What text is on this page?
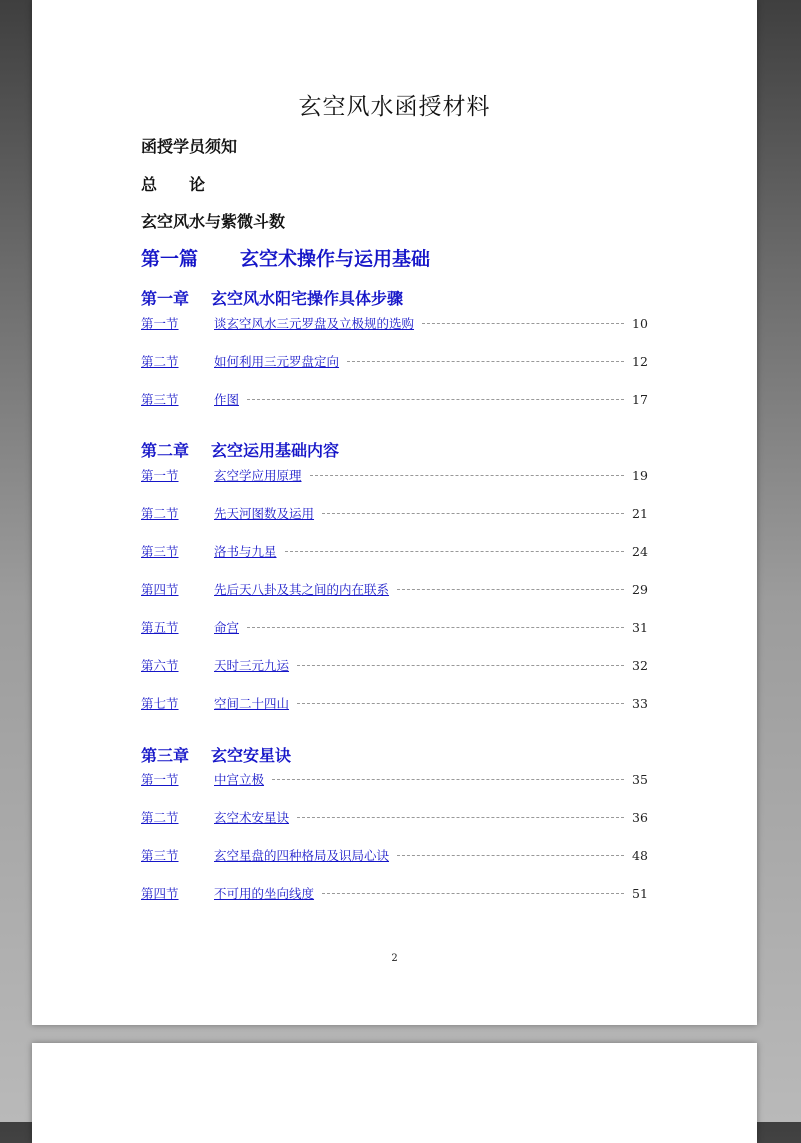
玄空风水函授材料
函授学员须知
总　　论
玄空风水与紫微斗数
第一篇 玄空术操作与运用基础
第一章 玄空风水阳宅操作具体步骤
第一节	谈玄空风水三元罗盘及立极规的选购	10
第二节	如何利用三元罗盘定向	12
第三节	作图	17
第二章 玄空运用基础内容
第一节	玄空学应用原理	19
第二节	先天河图数及运用	21
第三节	洛书与九星	24
第四节	先后天八卦及其之间的内在联系	29
第五节	命宫	31
第六节	天时三元九运	32
第七节	空间二十四山	33
第三章 玄空安星诀
第一节	中宫立极	35
第二节	玄空术安星诀	36
第三节	玄空星盘的四种格局及识局心诀	48
第四节	不可用的坐向线度	51
2
